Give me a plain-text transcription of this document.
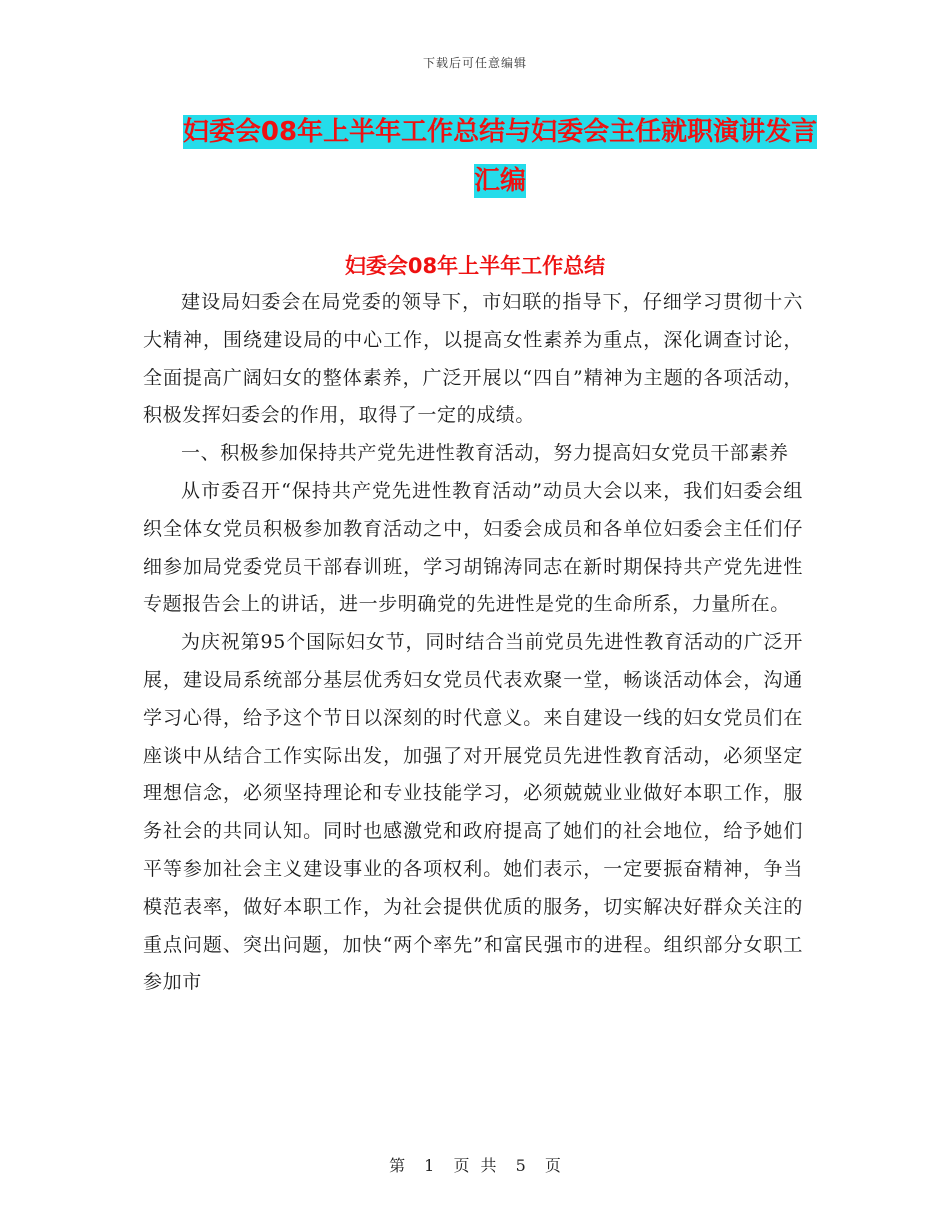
下载后可任意编辑
妇委会08年上半年工作总结与妇委会主任就职演讲发言汇编
妇委会08年上半年工作总结

建设局妇委会在局党委的领导下，市妇联的指导下，仔细学习贯彻十六大精神，围绕建设局的中心工作，以提高女性素养为重点，深化调查讨论，全面提高广阔妇女的整体素养，广泛开展以“四自”精神为主题的各项活动，积极发挥妇委会的作用，取得了一定的成绩。

一、积极参加保持共产党先进性教育活动，努力提高妇女党员干部素养

从市委召开“保持共产党先进性教育活动”动员大会以来，我们妇委会组织全体女党员积极参加教育活动之中，妇委会成员和各单位妇委会主任们仔细参加局党委党员干部春训班，学习胡锦涛同志在新时期保持共产党先进性专题报告会上的讲话，进一步明确党的先进性是党的生命所系，力量所在。

为庆祝第95个国际妇女节，同时结合当前党员先进性教育活动的广泛开展，建设局系统部分基层优秀妇女党员代表欢聚一堂，畅谈活动体会，沟通学习心得，给予这个节日以深刻的时代意义。来自建设一线的妇女党员们在座谈中从结合工作实际出发，加强了对开展党员先进性教育活动，必须坚定理想信念，必须坚持理论和专业技能学习，必须兢兢业业做好本职工作，服务社会的共同认知。同时也感激党和政府提高了她们的社会地位，给予她们平等参加社会主义建设事业的各项权利。她们表示，一定要振奋精神，争当模范表率，做好本职工作，为社会提供优质的服务，切实解决好群众关注的重点问题、突出问题，加快“两个率先”和富民强市的进程。组织部分女职工参加市

第 1 页 共 5 页
